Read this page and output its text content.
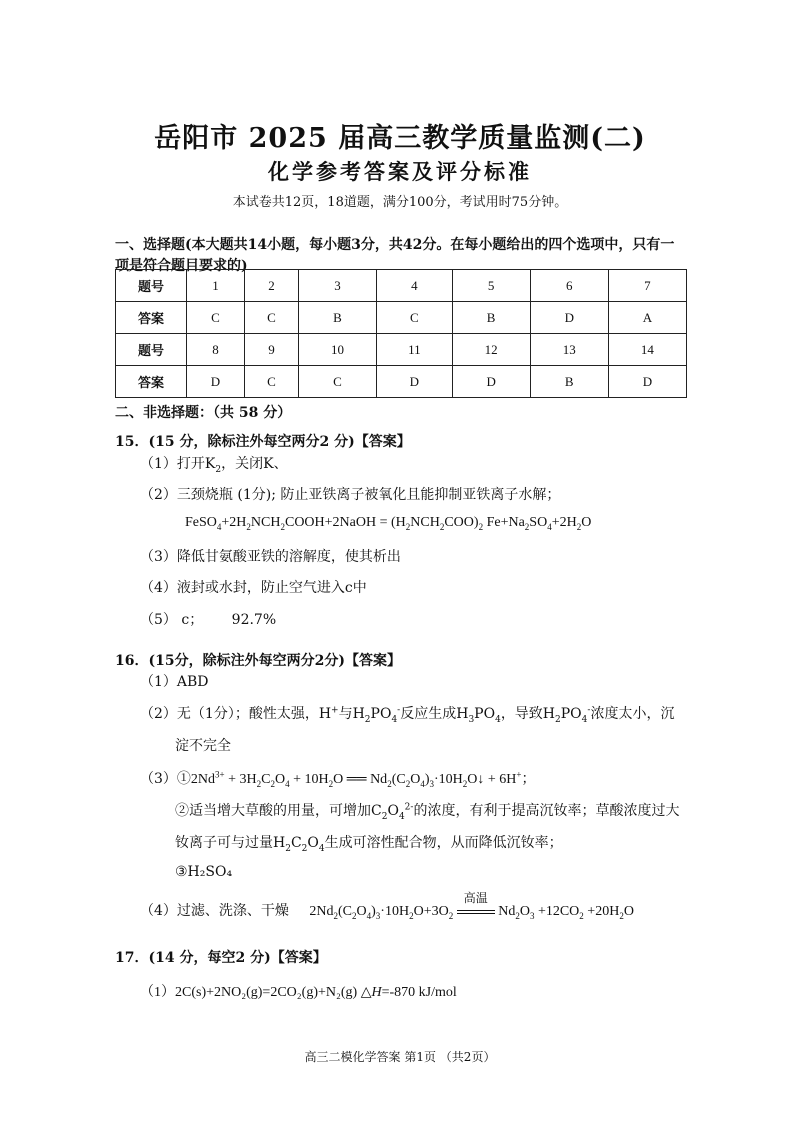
岳阳市 2025 届高三教学质量监测(二)
化学参考答案及评分标准
本试卷共12页，18道题，满分100分，考试用时75分钟。
一、选择题(本大题共14小题，每小题3分，共42分。在每小题给出的四个选项中，只有一
项是符合题目要求的)
题号	1	2	3	4	5	6	7
答案	C	C	B	C	B	D	A
题号	8	9	10	11	12	13	14
答案	D	C	C	D	D	B	D
二、非选择题：（共 58 分）
15．(15 分，除标注外每空两分2 分)【答案】
（1）打开$K_2$，关闭K、
（2）三颈烧瓶 (1分); 防止亚铁离子被氧化且能抑制亚铁离子水解；
$FeSO_4+2H_2NCH_2COOH+2NaOH = (H_2NCH_2COO)_2$ $Fe+Na_2SO_4+2H_2O$
（3）降低甘氨酸亚铁的溶解度，使其析出
（4）液封或水封，防止空气进入c中
（5） c； 92.7%
16．(15分，除标注外每空两分2分)【答案】
（1）ABD
（2）无（1分）；酸性太强，H+与$H_2PO_4^-$反应生成$H_3PO_4$，导致$H_2PO_4^-$浓度太小，沉
淀不完全
$(3)①2Nd^{3+} + 3H_2C_2O_4 + 10H_2O$ ══ $Nd_2(C_2O_4)_3\cdot 10H_2O↓ + 6H^+$；
②适当增大草酸的用量，可增加$C_2O_4^{2-}$的浓度，有利于提高沉钕率；草酸浓度过大
钕离子可与过量$H_2C_2O_4$生成可溶性配合物，从而降低沉钕率；
③H₂SO₄
（4）过滤、洗涤、干燥 $2Nd_2(C_2O_4)_3\cdot 10H_2O+3O_2$
高温
$Nd_2O_3 +12CO_2 +20H_2O$
17．(14 分，每空2 分)【答案】
（1）2C(s)+2NO₂(g)=2CO₂(g)+N₂(g) △H=-870 kJ/mol
高三二模化学答案 第1页 （共2页）
